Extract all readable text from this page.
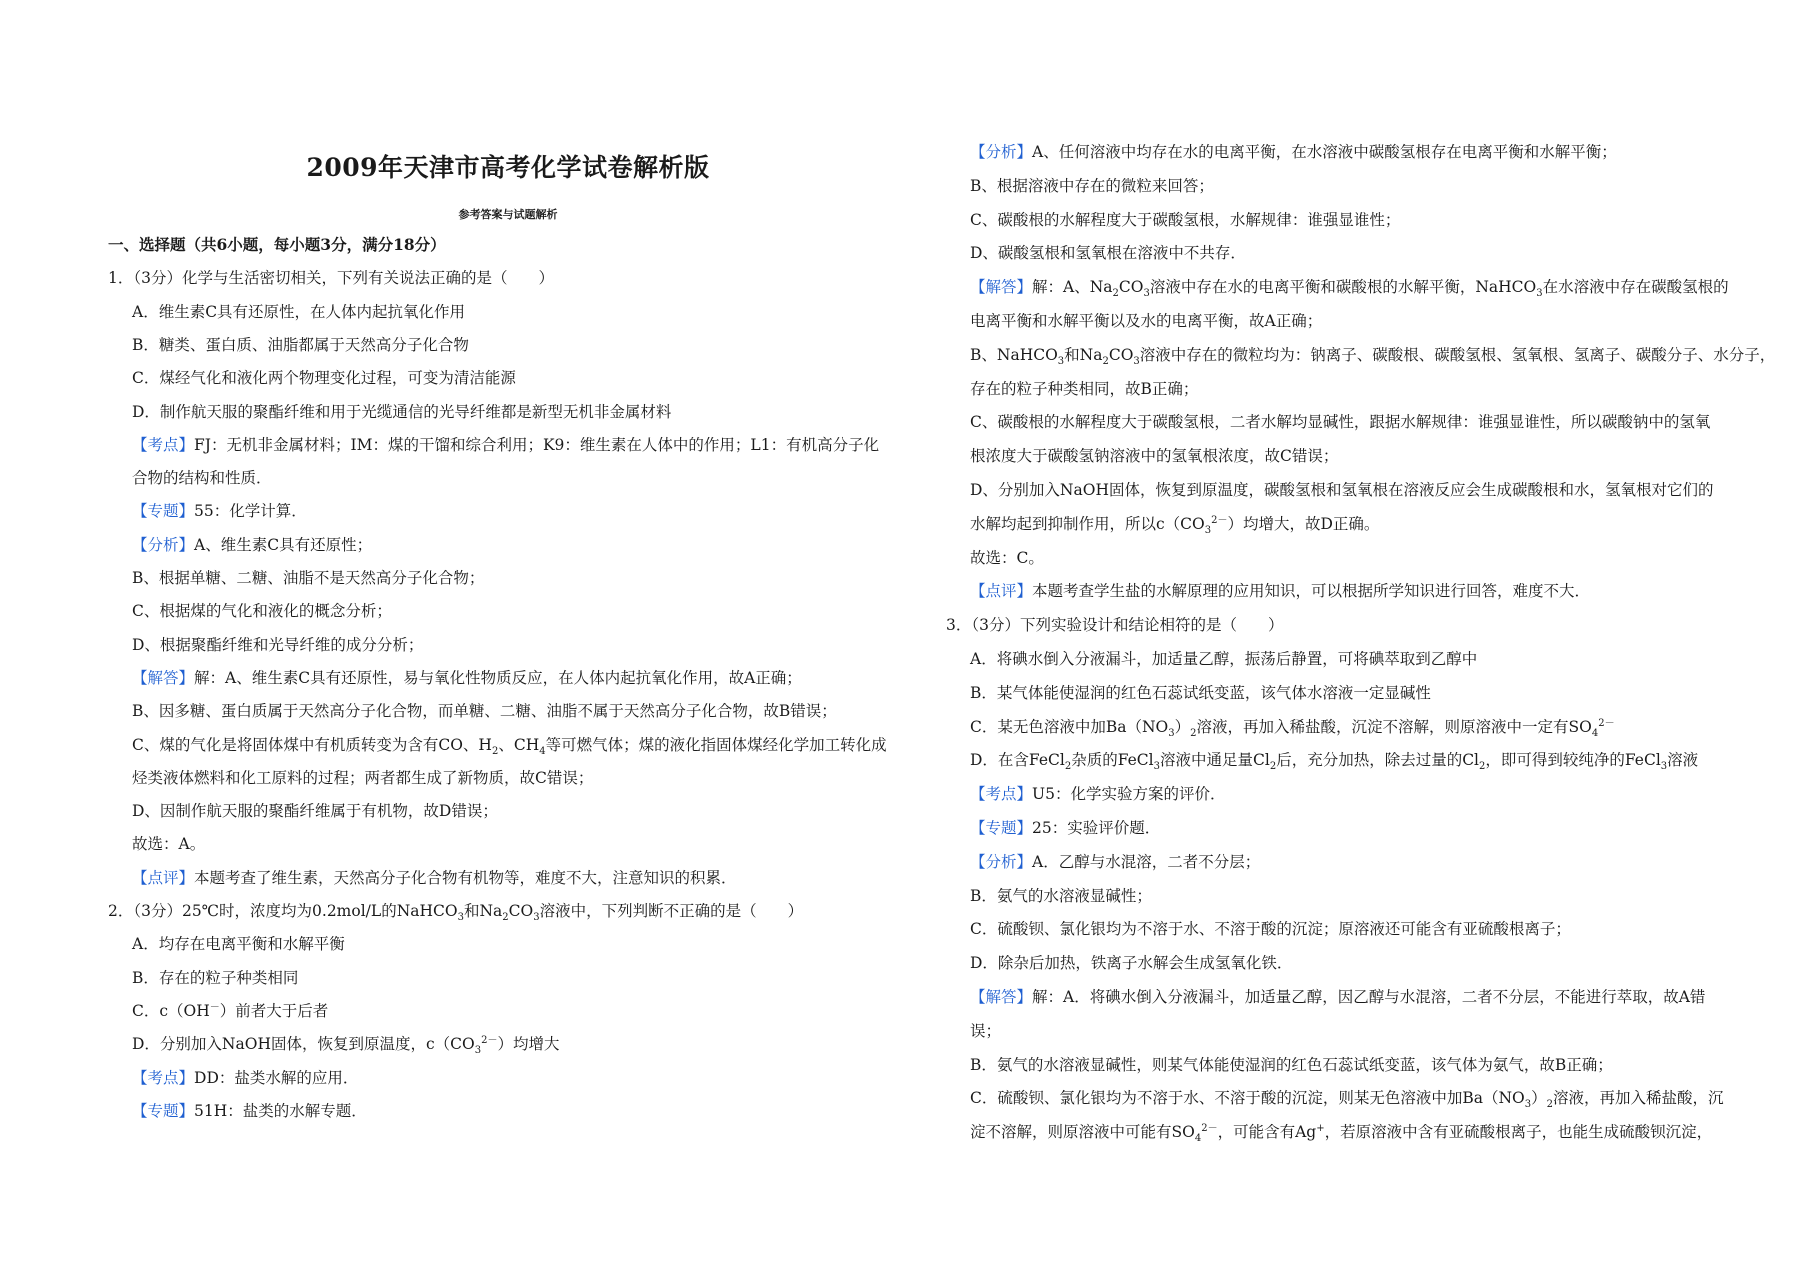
2009年天津市高考化学试卷解析版
参考答案与试题解析
一、选择题（共6小题，每小题3分，满分18分）
1．（3分）化学与生活密切相关，下列有关说法正确的是（　　）
A．维生素C具有还原性，在人体内起抗氧化作用
B．糖类、蛋白质、油脂都属于天然高分子化合物
C．煤经气化和液化两个物理变化过程，可变为清洁能源
D．制作航天服的聚酯纤维和用于光缆通信的光导纤维都是新型无机非金属材料
【考点】FJ：无机非金属材料；IM：煤的干馏和综合利用；K9：维生素在人体中的作用；L1：有机高分子化
合物的结构和性质．
【专题】55：化学计算．
【分析】A、维生素C具有还原性；
B、根据单糖、二糖、油脂不是天然高分子化合物；
C、根据煤的气化和液化的概念分析；
D、根据聚酯纤维和光导纤维的成分分析；
【解答】解：A、维生素C具有还原性，易与氧化性物质反应，在人体内起抗氧化作用，故A正确；
B、因多糖、蛋白质属于天然高分子化合物，而单糖、二糖、油脂不属于天然高分子化合物，故B错误；
C、煤的气化是将固体煤中有机质转变为含有CO、$H_2$、$CH_4$等可燃气体；煤的液化指固体煤经化学加工转化成
烃类液体燃料和化工原料的过程；两者都生成了新物质，故C错误；
D、因制作航天服的聚酯纤维属于有机物，故D错误；
故选：A。
【点评】本题考查了维生素，天然高分子化合物有机物等，难度不大，注意知识的积累．
2．（3分）25℃时，浓度均为0.2mol/L的NaHCO$_3$和$Na_2CO_3$溶液中，下列判断不正确的是（　　）
A．均存在电离平衡和水解平衡
B．存在的粒子种类相同
C．c（OH－）前者大于后者
D．分别加入NaOH固体，恢复到原温度，$c(CO_3^{2-})$均增大
【考点】DD：盐类水解的应用．
【专题】51H：盐类的水解专题．
【分析】A、任何溶液中均存在水的电离平衡，在水溶液中碳酸氢根存在电离平衡和水解平衡；
B、根据溶液中存在的微粒来回答；
C、碳酸根的水解程度大于碳酸氢根，水解规律：谁强显谁性；
D、碳酸氢根和氢氧根在溶液中不共存．
【解答】解：A、$Na_2CO_3$溶液中存在水的电离平衡和碳酸根的水解平衡，NaHCO$_3$在水溶液中存在碳酸氢根的
电离平衡和水解平衡以及水的电离平衡，故A正确；
B、NaHCO$_3$和$Na_2CO_3$溶液中存在的微粒均为：钠离子、碳酸根、碳酸氢根、氢氧根、氢离子、碳酸分子、水分子，
存在的粒子种类相同，故B正确；
C、碳酸根的水解程度大于碳酸氢根，二者水解均显碱性，跟据水解规律：谁强显谁性，所以碳酸钠中的氢氧
根浓度大于碳酸氢钠溶液中的氢氧根浓度，故C错误；
D、分别加入NaOH固体，恢复到原温度，碳酸氢根和氢氧根在溶液反应会生成碳酸根和水，氢氧根对它们的
水解均起到抑制作用，所以$c(CO_3^{2-})$均增大，故D正确。
故选：C。
【点评】本题考查学生盐的水解原理的应用知识，可以根据所学知识进行回答，难度不大．
3．（3分）下列实验设计和结论相符的是（　　）
A．将碘水倒入分液漏斗，加适量乙醇，振荡后静置，可将碘萃取到乙醇中
B．某气体能使湿润的红色石蕊试纸变蓝，该气体水溶液一定显碱性
C．某无色溶液中加$Ba(NO_3)_2$溶液，再加入稀盐酸，沉淀不溶解，则原溶液中一定有$SO_4^{2-}$
D．在含FeCl$_2$杂质的FeCl$_3$溶液中通足量$Cl_2$后，充分加热，除去过量的$Cl_2$，即可得到较纯净的FeCl$_3$溶液
【考点】U5：化学实验方案的评价．
【专题】25：实验评价题．
【分析】A．乙醇与水混溶，二者不分层；
B．氨气的水溶液显碱性；
C．硫酸钡、氯化银均为不溶于水、不溶于酸的沉淀；原溶液还可能含有亚硫酸根离子；
D．除杂后加热，铁离子水解会生成氢氧化铁．
【解答】解：A．将碘水倒入分液漏斗，加适量乙醇，因乙醇与水混溶，二者不分层，不能进行萃取，故A错
误；
B．氨气的水溶液显碱性，则某气体能使湿润的红色石蕊试纸变蓝，该气体为氨气，故B正确；
C．硫酸钡、氯化银均为不溶于水、不溶于酸的沉淀，则某无色溶液中加$Ba(NO_3)_2$溶液，再加入稀盐酸，沉
淀不溶解，则原溶液中可能有$SO_4^{2-}$，可能含有Ag+，若原溶液中含有亚硫酸根离子，也能生成硫酸钡沉淀，
